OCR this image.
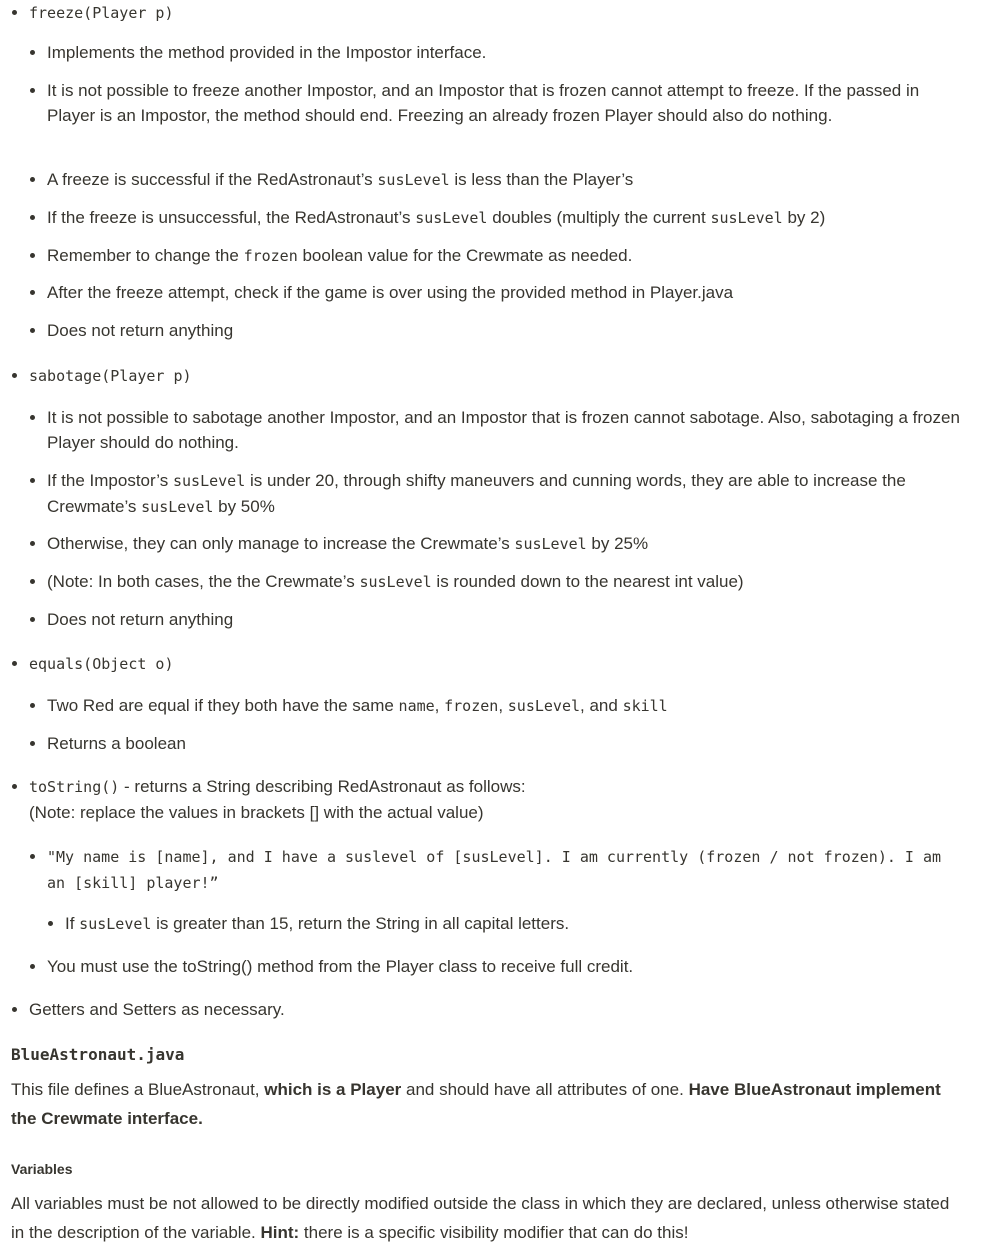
freeze(Player p)
Implements the method provided in the Impostor interface.
It is not possible to freeze another Impostor, and an Impostor that is frozen cannot attempt to freeze. If the passed in Player is an Impostor, the method should end. Freezing an already frozen Player should also do nothing.
A freeze is successful if the RedAstronaut’s susLevel is less than the Player’s
If the freeze is unsuccessful, the RedAstronaut’s susLevel doubles (multiply the current susLevel by 2)
Remember to change the frozen boolean value for the Crewmate as needed.
After the freeze attempt, check if the game is over using the provided method in Player.java
Does not return anything
sabotage(Player p)
It is not possible to sabotage another Impostor, and an Impostor that is frozen cannot sabotage. Also, sabotaging a frozen Player should do nothing.
If the Impostor’s susLevel is under 20, through shifty maneuvers and cunning words, they are able to increase the Crewmate’s susLevel by 50%
Otherwise, they can only manage to increase the Crewmate’s susLevel by 25%
(Note: In both cases, the the Crewmate’s susLevel is rounded down to the nearest int value)
Does not return anything
equals(Object o)
Two Red are equal if they both have the same name, frozen, susLevel, and skill
Returns a boolean
toString() - returns a String describing RedAstronaut as follows:
(Note: replace the values in brackets [] with the actual value)
"My name is [name], and I have a suslevel of [susLevel]. I am currently (frozen / not frozen). I am an [skill] player!”
If susLevel is greater than 15, return the String in all capital letters.
You must use the toString() method from the Player class to receive full credit.
Getters and Setters as necessary.
BlueAstronaut.java
This file defines a BlueAstronaut, which is a Player and should have all attributes of one. Have BlueAstronaut implement the Crewmate interface.
Variables
All variables must be not allowed to be directly modified outside the class in which they are declared, unless otherwise stated in the description of the variable. Hint: there is a specific visibility modifier that can do this!
